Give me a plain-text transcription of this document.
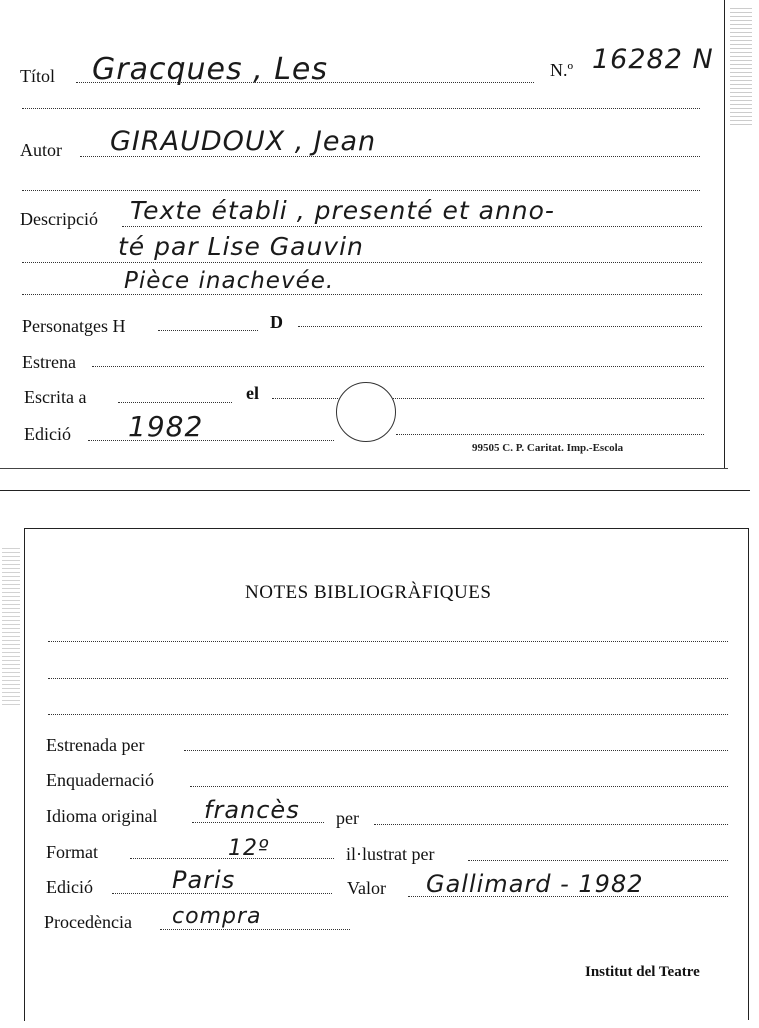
Títol Gracques , Les	N.º 16282 N
Autor GIRAUDOUX , Jean
Descripció Texte établi , presenté et anno-
té par Lise Gauvin
Pièce inachevée.
Personatges H	D
Estrena
Escrita a	el
Edició 1982
99505 C. P. Caritat. Imp.-Escola
NOTES BIBLIOGRÀFIQUES
Estrenada per
Enquadernació
Idioma original francès per
Format	12º	il·lustrat per
Edició	Paris	Valor Gallimard - 1982
Procedència compra
Institut del Teatre
